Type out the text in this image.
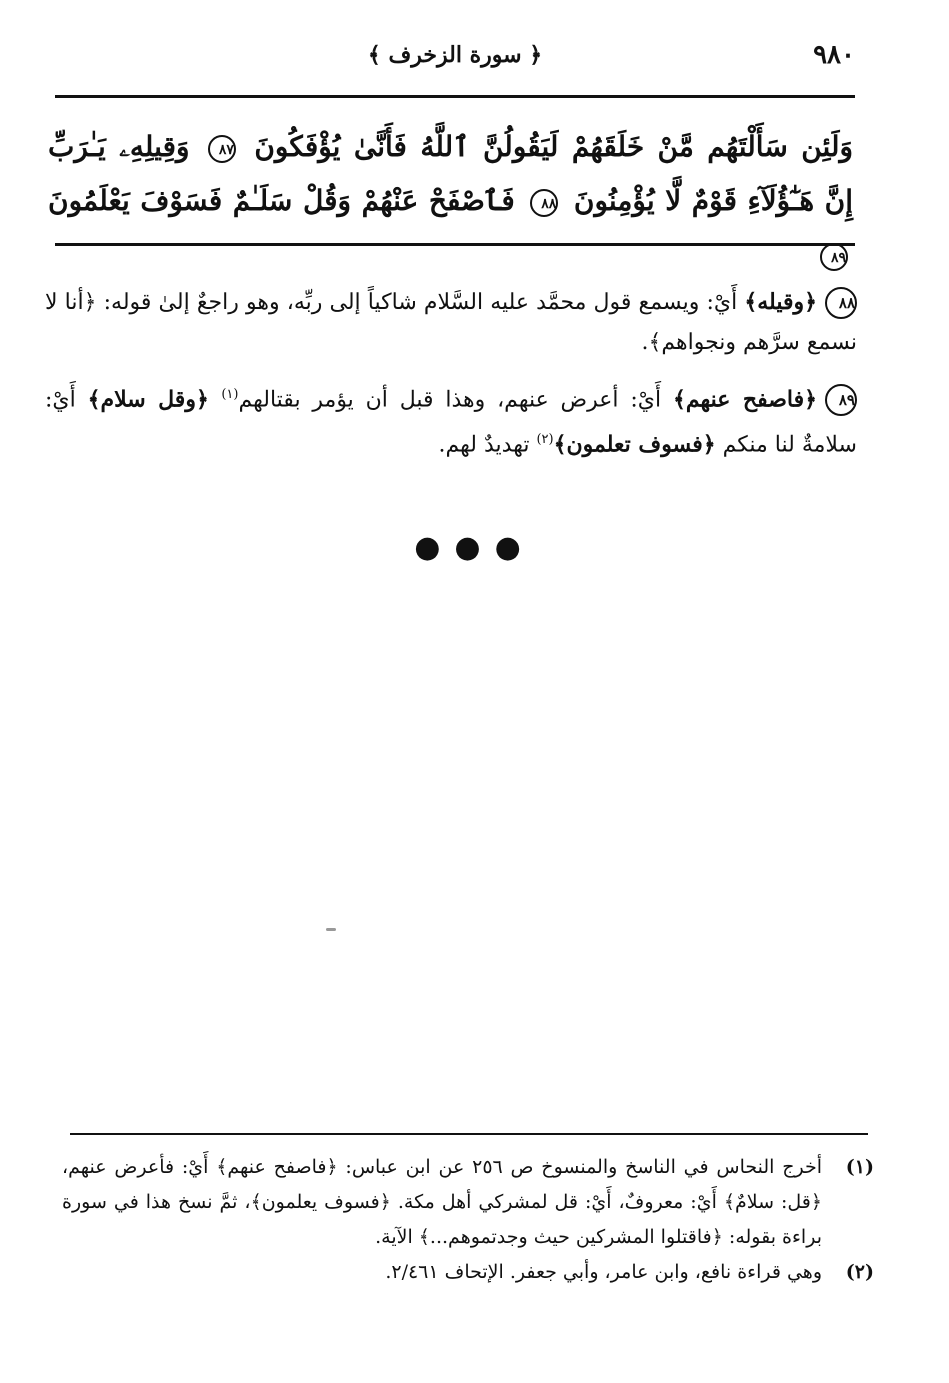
٩٨٠
﴿ سورة الزخرف ﴾
وَلَئِن سَأَلْتَهُم مَّنْ خَلَقَهُمْ لَيَقُولُنَّ ٱللَّهُ فَأَنَّىٰ يُؤْفَكُونَ ٨٧ وَقِيلِهِۦ يَـٰرَبِّ إِنَّ هَـٰٓؤُلَآءِ قَوْمٌ لَّا يُؤْمِنُونَ ٨٨ فَٱصْفَحْ عَنْهُمْ وَقُلْ سَلَـٰمٌ فَسَوْفَ يَعْلَمُونَ ٨٩

٨٨﴿وقيله﴾ أَيْ: ويسمع قول محمَّد عليه السَّلام شاكياً إلى ربِّه، وهو راجعٌ إلىٰ قوله: ﴿أنا لا نسمع سرَّهم ونجواهم﴾.

٨٩﴿فاصفح عنهم﴾ أَيْ: أعرض عنهم، وهذا قبل أن يؤمر بقتالهم$^{(١)}$ ﴿وقل سلام﴾ أَيْ: سلامةٌ لنا منكم ﴿فسوف تعلمون﴾$^{(٢)}$ تهديدٌ لهم.

●●●
(١)
أخرج النحاس في الناسخ والمنسوخ ص ٢٥٦ عن ابن عباس: ﴿فاصفح عنهم﴾ أَيْ: فأعرض عنهم، ﴿قل: سلامٌ﴾ أَيْ: معروفٌ، أَيْ: قل لمشركي أهل مكة. ﴿فسوف يعلمون﴾، ثمَّ نسخ هذا في سورة براءة بقوله: ﴿فاقتلوا المشركين حيث وجدتموهم...﴾ الآية.
(٢)
وهي قراءة نافع، وابن عامر، وأبي جعفر. الإتحاف ٢/٤٦١.
